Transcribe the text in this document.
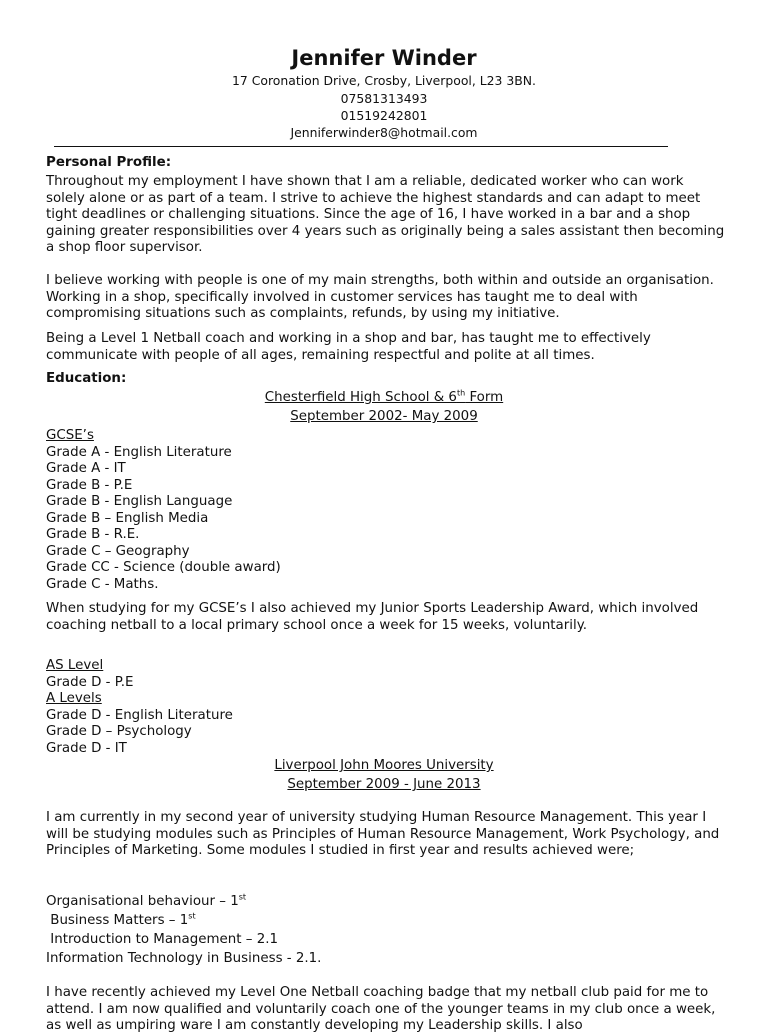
Jennifer Winder
17 Coronation Drive, Crosby, Liverpool, L23 3BN.
07581313493
01519242801
Jenniferwinder8@hotmail.com
Personal Profile:

Throughout my employment I have shown that I am a reliable, dedicated worker who can work solely alone or as part of a team. I strive to achieve the highest standards and can adapt to meet tight deadlines or challenging situations. Since the age of 16, I have worked in a bar and a shop gaining greater responsibilities over 4 years such as originally being a sales assistant then becoming a shop floor supervisor.

I believe working with people is one of my main strengths, both within and outside an organisation. Working in a shop, specifically involved in customer services has taught me to deal with compromising situations such as complaints, refunds, by using my initiative.

Being a Level 1 Netball coach and working in a shop and bar, has taught me to effectively communicate with people of all ages, remaining respectful and polite at all times.

Education:
Chesterfield High School & 6th Form
September 2002- May 2009
GCSE’s
Grade A - English Literature
Grade A - IT
Grade B - P.E
Grade B - English Language
Grade B – English Media
Grade B - R.E.
Grade C – Geography
Grade CC - Science (double award)
Grade C - Maths.

When studying for my GCSE’s I also achieved my Junior Sports Leadership Award, which involved coaching netball to a local primary school once a week for 15 weeks, voluntarily.

AS Level
Grade D - P.E
A Levels
Grade D - English Literature
Grade D – Psychology
Grade D - IT
Liverpool John Moores University
September 2009 - June 2013

I am currently in my second year of university studying Human Resource Management. This year I will be studying modules such as Principles of Human Resource Management, Work Psychology, and Principles of Marketing. Some modules I studied in first year and results achieved were;

Organisational behaviour – 1st
Business Matters – 1st
Introduction to Management – 2.1
Information Technology in Business - 2.1.

I have recently achieved my Level One Netball coaching badge that my netball club paid for me to attend. I am now qualified and voluntarily coach one of the younger teams in my club once a week, as well as umpiring ware I am constantly developing my Leadership skills. I also
